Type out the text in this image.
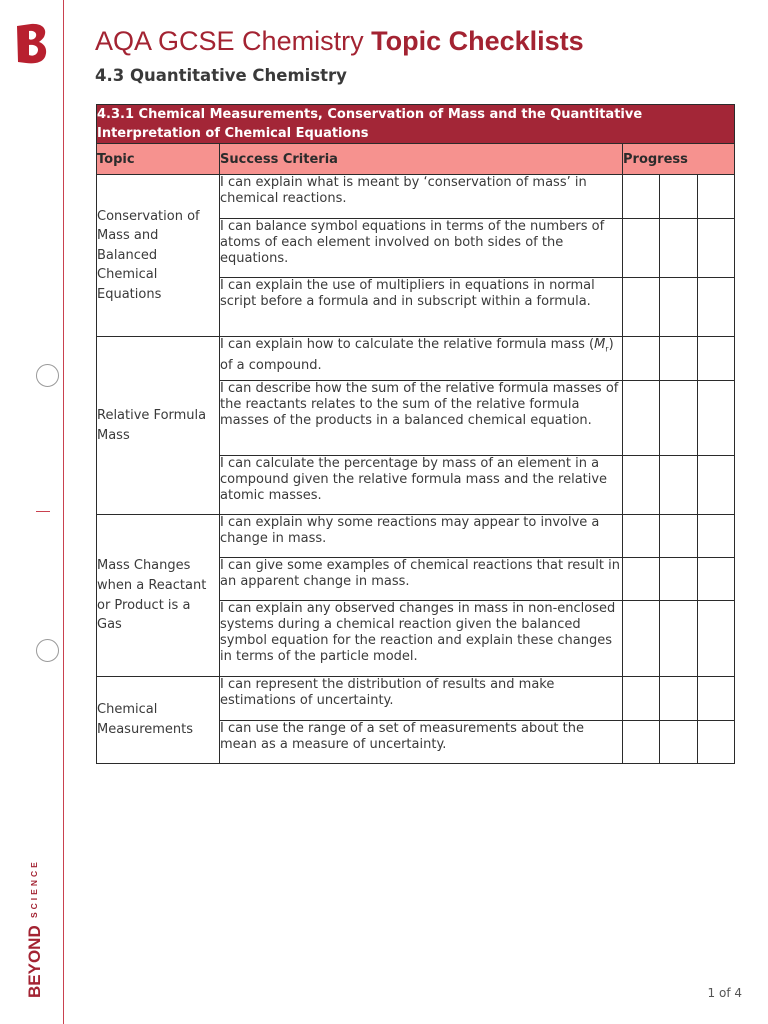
BEYOND
SCIENCE
AQA GCSE Chemistry Topic Checklists
4.3 Quantitative Chemistry
4.3.1 Chemical Measurements, Conservation of Mass and the Quantitative Interpretation of Chemical Equations				
Topic	Success Criteria	Progress		
Conservation of Mass and Balanced Chemical Equations	I can explain what is meant by ‘conservation of mass’ in chemical reactions.			
	I can balance symbol equations in terms of the numbers of atoms of each element involved on both sides of the equations.			
	I can explain the use of multipliers in equations in normal script before a formula and in subscript within a formula.			
Relative Formula Mass	I can explain how to calculate the relative formula mass $(M_r)$ of a compound.			
	I can describe how the sum of the relative formula masses of the reactants relates to the sum of the relative formula masses of the products in a balanced chemical equation.			
	I can calculate the percentage by mass of an element in a compound given the relative formula mass and the relative atomic masses.			
Mass Changes when a Reactant or Product is a Gas	I can explain why some reactions may appear to involve a change in mass.			
	I can give some examples of chemical reactions that result in an apparent change in mass.			
	I can explain any observed changes in mass in non-enclosed systems during a chemical reaction given the balanced symbol equation for the reaction and explain these changes in terms of the particle model.			
Chemical Measurements	I can represent the distribution of results and make estimations of uncertainty.			
	I can use the range of a set of measurements about the mean as a measure of uncertainty.			
1 of 4
